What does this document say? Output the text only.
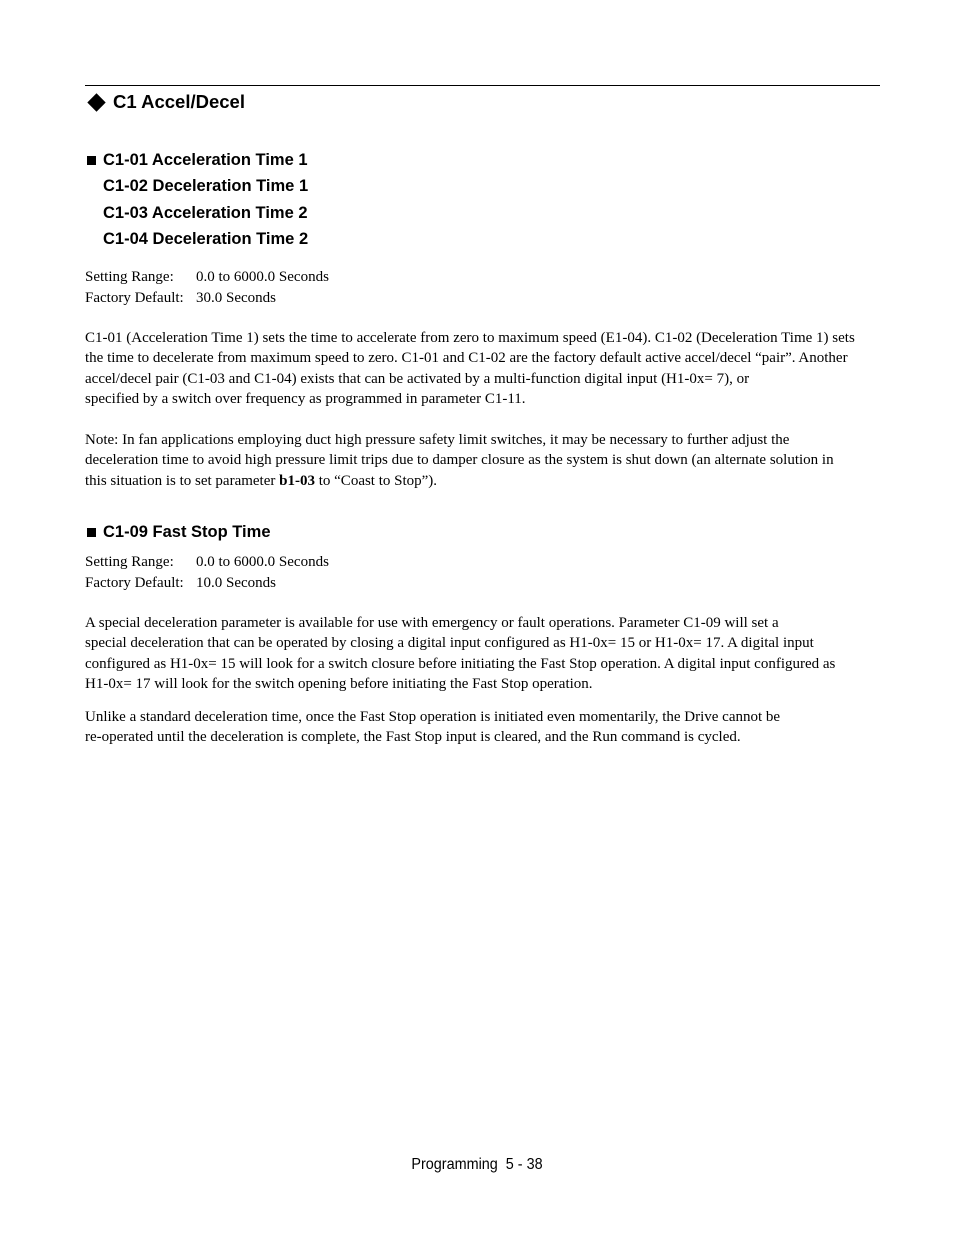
C1 Accel/Decel
C1-01 Acceleration Time 1
C1-02 Deceleration Time 1
C1-03 Acceleration Time 2
C1-04 Deceleration Time 2
Setting Range:	0.0 to 6000.0 Seconds
Factory Default: 30.0 Seconds
C1-01 (Acceleration Time 1) sets the time to accelerate from zero to maximum speed (E1-04). C1-02 (Deceleration Time 1) sets
the time to decelerate from maximum speed to zero. C1-01 and C1-02 are the factory default active accel/decel “pair”. Another
accel/decel pair (C1-03 and C1-04) exists that can be activated by a multi-function digital input (H1-0x= 7), or
specified by a switch over frequency as programmed in parameter C1-11.
Note: In fan applications employing duct high pressure safety limit switches, it may be necessary to further adjust the
deceleration time to avoid high pressure limit trips due to damper closure as the system is shut down (an alternate solution in
this situation is to set parameter b1-03 to “Coast to Stop”).
C1-09 Fast Stop Time
Setting Range:	0.0 to 6000.0 Seconds
Factory Default: 10.0 Seconds
A special deceleration parameter is available for use with emergency or fault operations. Parameter C1-09 will set a
special deceleration that can be operated by closing a digital input configured as H1-0x= 15 or H1-0x= 17. A digital input
configured as H1-0x= 15 will look for a switch closure before initiating the Fast Stop operation. A digital input configured as
H1-0x= 17 will look for the switch opening before initiating the Fast Stop operation.
Unlike a standard deceleration time, once the Fast Stop operation is initiated even momentarily, the Drive cannot be
re-operated until the deceleration is complete, the Fast Stop input is cleared, and the Run command is cycled.
Programming  5 - 38
